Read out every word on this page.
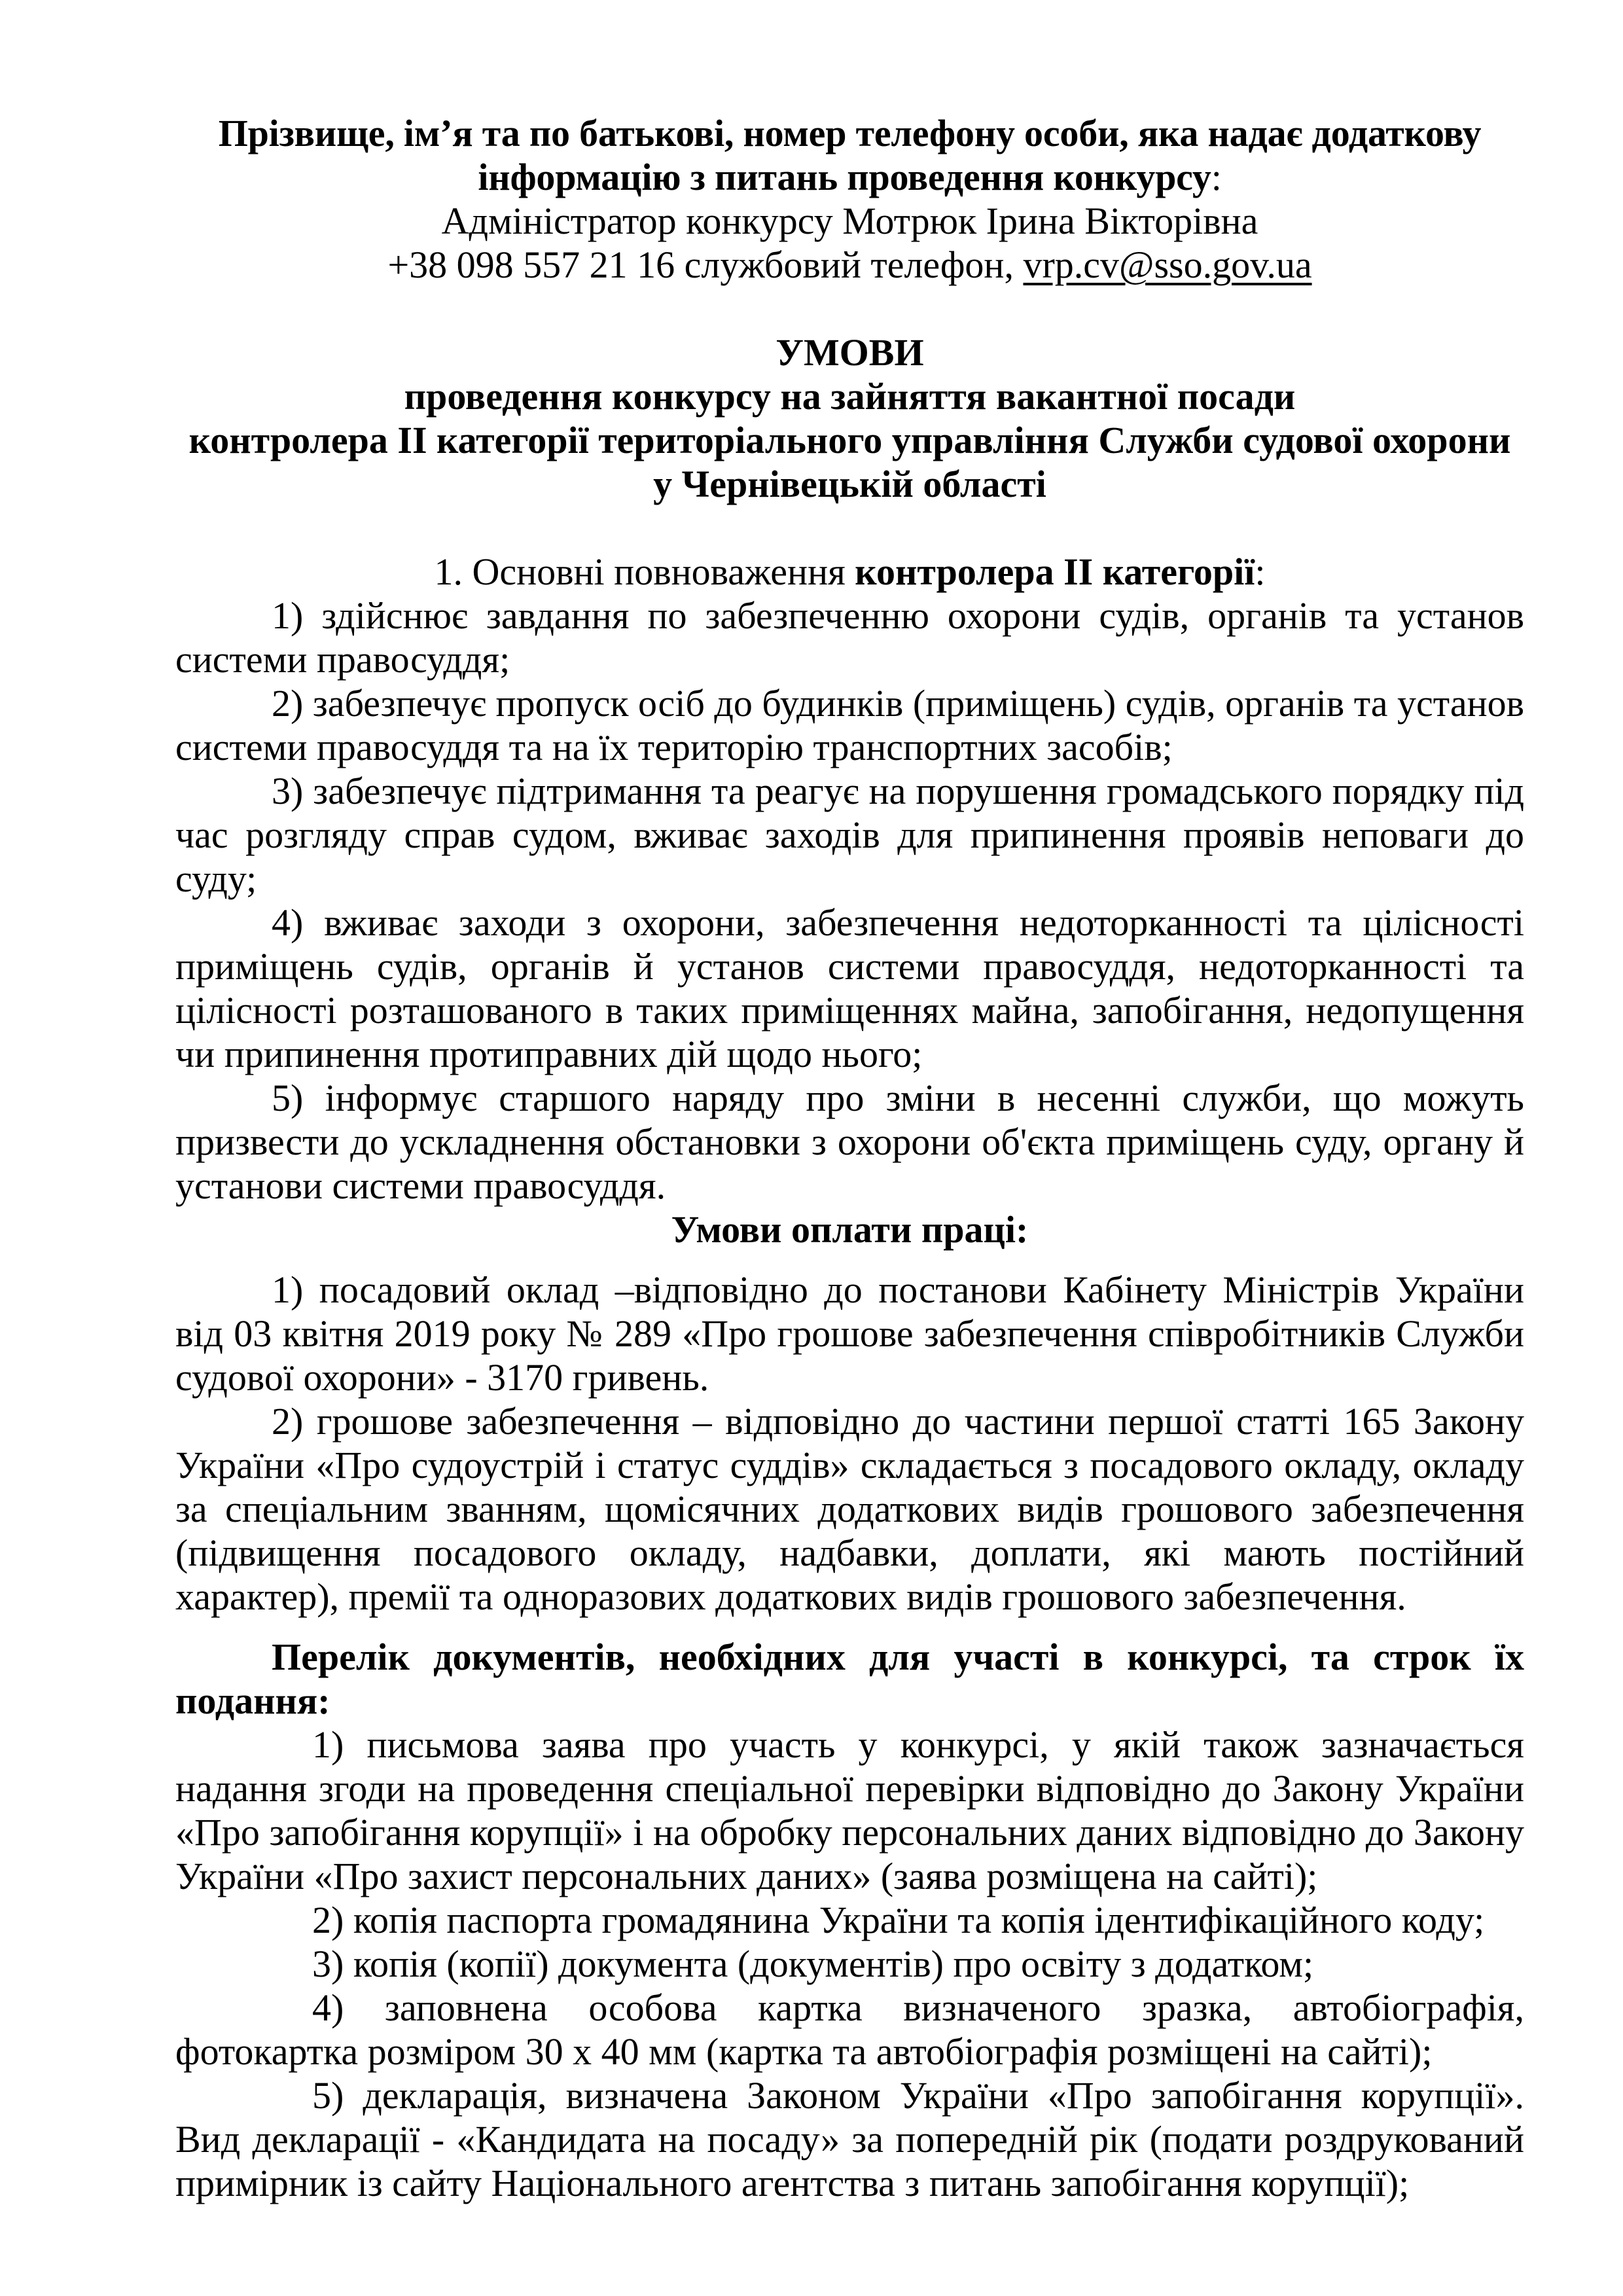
Прізвище, ім’я та по батькові, номер телефону особи, яка надає додаткову
інформацію з питань проведення конкурсу:

Адміністратор конкурсу Мотрюк Ірина Вікторівна

+38 098 557 21 16 службовий телефон, vrp.cv@sso.gov.ua

УМОВИ

проведення конкурсу на зайняття вакантної посади

контролера ІІ категорії територіального управління Служби судової охорони

у Чернівецькій області

1. Основні повноваження контролера ІІ категорії:

1) здійснює завдання по забезпеченню охорони судів, органів та установ системи правосуддя;

2) забезпечує пропуск осіб до будинків (приміщень) судів, органів та установ системи правосуддя та на їх територію транспортних засобів;

3) забезпечує підтримання та реагує на порушення громадського порядку під час розгляду справ судом, вживає заходів для припинення проявів неповаги до суду;

4) вживає заходи з охорони, забезпечення недоторканності та цілісності приміщень судів, органів й установ системи правосуддя, недоторканності та цілісності розташованого в таких приміщеннях майна, запобігання, недопущення чи припинення протиправних дій щодо нього;

5) інформує старшого наряду про зміни в несенні служби, що можуть призвести до ускладнення обстановки з охорони об'єкта приміщень суду, органу й установи системи правосуддя.

Умови оплати праці:

1) посадовий оклад –відповідно до постанови Кабінету Міністрів України від 03 квітня 2019 року № 289 «Про грошове забезпечення співробітників Служби судової охорони» - 3170 гривень.

2) грошове забезпечення – відповідно до частини першої статті 165 Закону України «Про судоустрій і статус суддів» складається з посадового окладу, окладу за спеціальним званням, щомісячних додаткових видів грошового забезпечення (підвищення посадового окладу, надбавки, доплати, які мають постійний характер), премії та одноразових додаткових видів грошового забезпечення.

Перелік документів, необхідних для участі в конкурсі, та строк їх подання:

1) письмова заява про участь у конкурсі, у якій також зазначається надання згоди на проведення спеціальної перевірки відповідно до Закону України «Про запобігання корупції» і на обробку персональних даних відповідно до Закону України «Про захист персональних даних» (заява розміщена на сайті);

2) копія паспорта громадянина України та копія ідентифікаційного коду;

3) копія (копії) документа (документів) про освіту з додатком;

4) заповнена особова картка визначеного зразка, автобіографія, фотокартка розміром 30 х 40 мм (картка та автобіографія розміщені на сайті);

5) декларація, визначена Законом України «Про запобігання корупції». Вид декларації - «Кандидата на посаду» за попередній рік (подати роздрукований примірник із сайту Національного агентства з питань запобігання корупції);
